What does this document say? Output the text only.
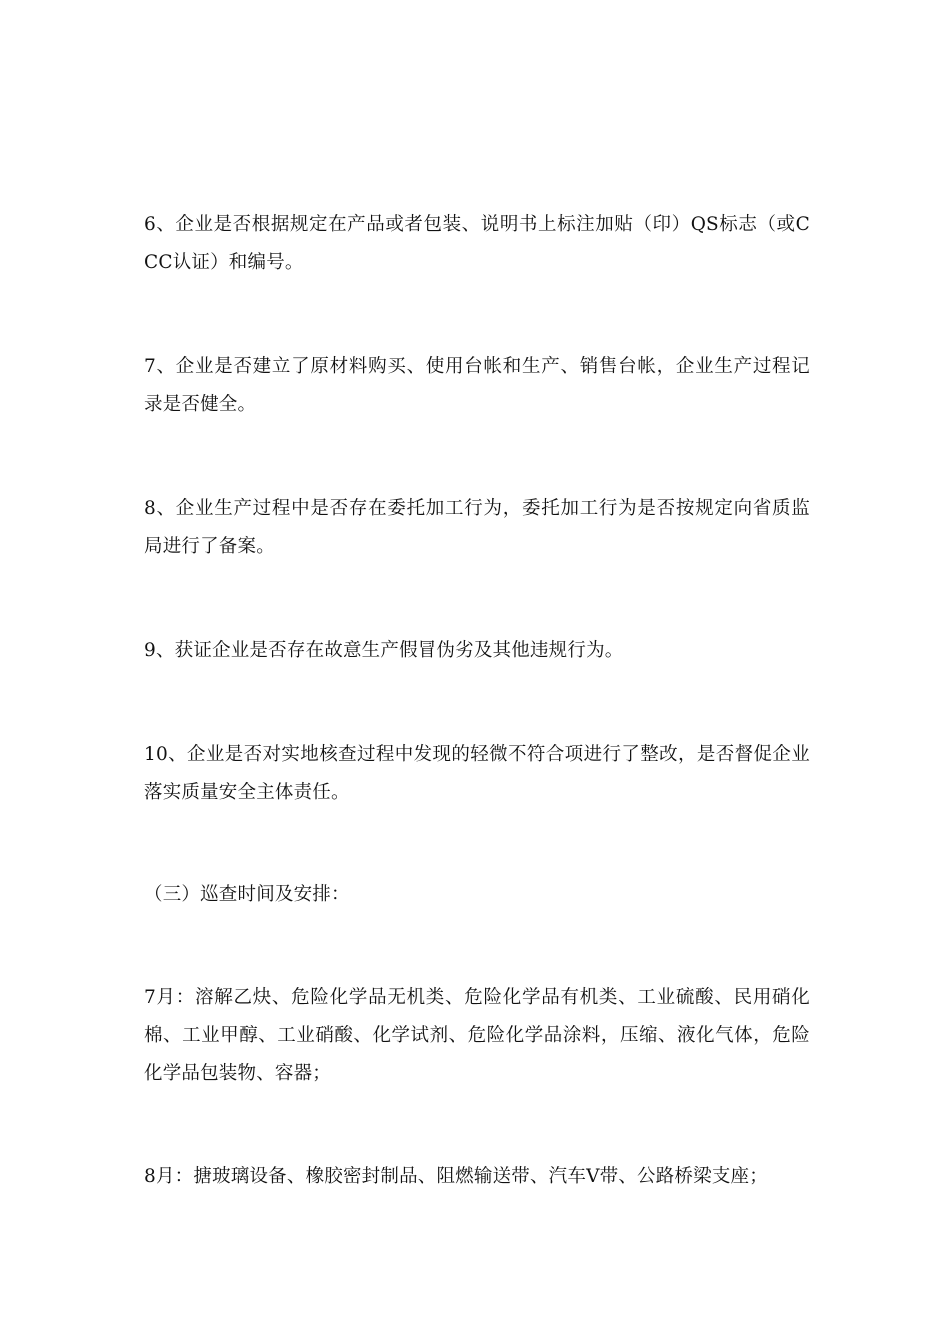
6、企业是否根据规定在产品或者包装、说明书上标注加贴（印）QS标志（或CCC认证）和编号。

7、企业是否建立了原材料购买、使用台帐和生产、销售台帐，企业生产过程记录是否健全。

8、企业生产过程中是否存在委托加工行为，委托加工行为是否按规定向省质监局进行了备案。

9、获证企业是否存在故意生产假冒伪劣及其他违规行为。

10、企业是否对实地核查过程中发现的轻微不符合项进行了整改，是否督促企业落实质量安全主体责任。

（三）巡查时间及安排：

7月：溶解乙炔、危险化学品无机类、危险化学品有机类、工业硫酸、民用硝化棉、工业甲醇、工业硝酸、化学试剂、危险化学品涂料，压缩、液化气体，危险化学品包装物、容器；

8月：搪玻璃设备、橡胶密封制品、阻燃输送带、汽车V带、公路桥梁支座；
